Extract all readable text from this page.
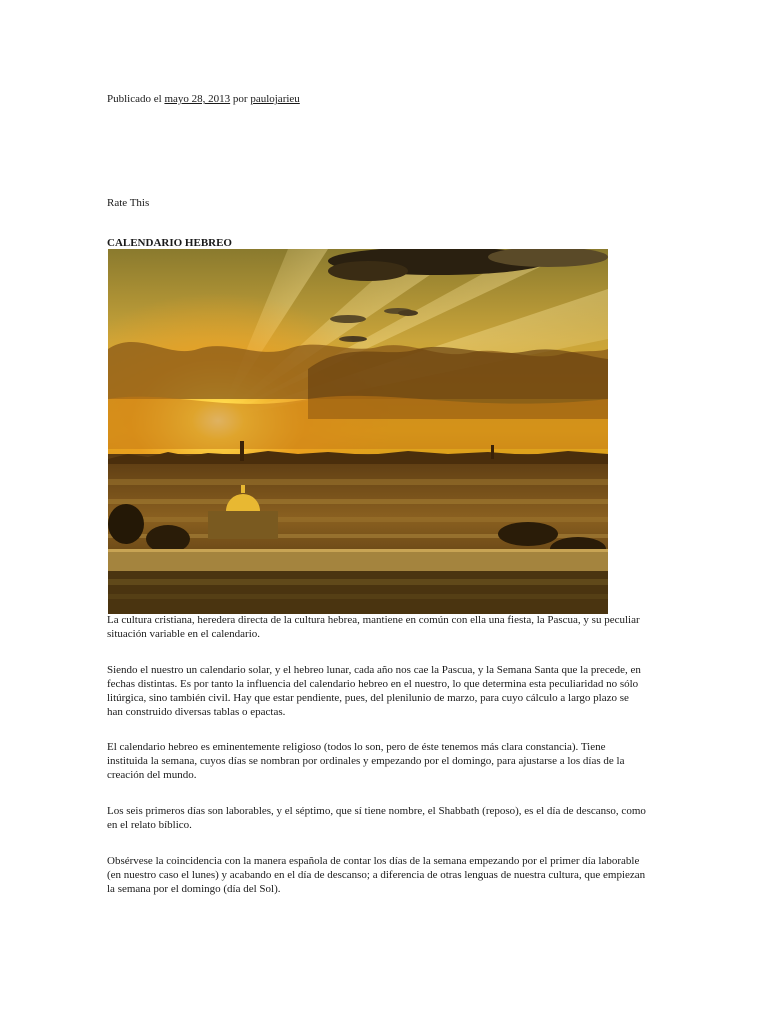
Publicado el mayo 28, 2013 por paulojarieu
Rate This
CALENDARIO HEBREO
La cultura cristiana, heredera directa de la cultura hebrea, mantiene en común con ella una fiesta, la Pascua, y su peculiar
situación variable en el calendario.
Siendo el nuestro un calendario solar, y el hebreo lunar, cada año nos cae la Pascua, y la Semana Santa que la precede, en
fechas distintas. Es por tanto la influencia del calendario hebreo en el nuestro, lo que determina esta peculiaridad no sólo
litúrgica, sino también civil. Hay que estar pendiente, pues, del plenilunio de marzo, para cuyo cálculo a largo plazo se
han construido diversas tablas o epactas.
El calendario hebreo es eminentemente religioso (todos lo son, pero de éste tenemos más clara constancia). Tiene
instituida la semana, cuyos días se nombran por ordinales y empezando por el domingo, para ajustarse a los días de la
creación del mundo.
Los seis primeros días son laborables, y el séptimo, que sí tiene nombre, el Shabbath (reposo), es el día de descanso, como
en el relato bíblico.
Obsérvese la coincidencia con la manera española de contar los días de la semana empezando por el primer día laborable
(en nuestro caso el lunes) y acabando en el día de descanso; a diferencia de otras lenguas de nuestra cultura, que empiezan
la semana por el domingo (día del Sol).
